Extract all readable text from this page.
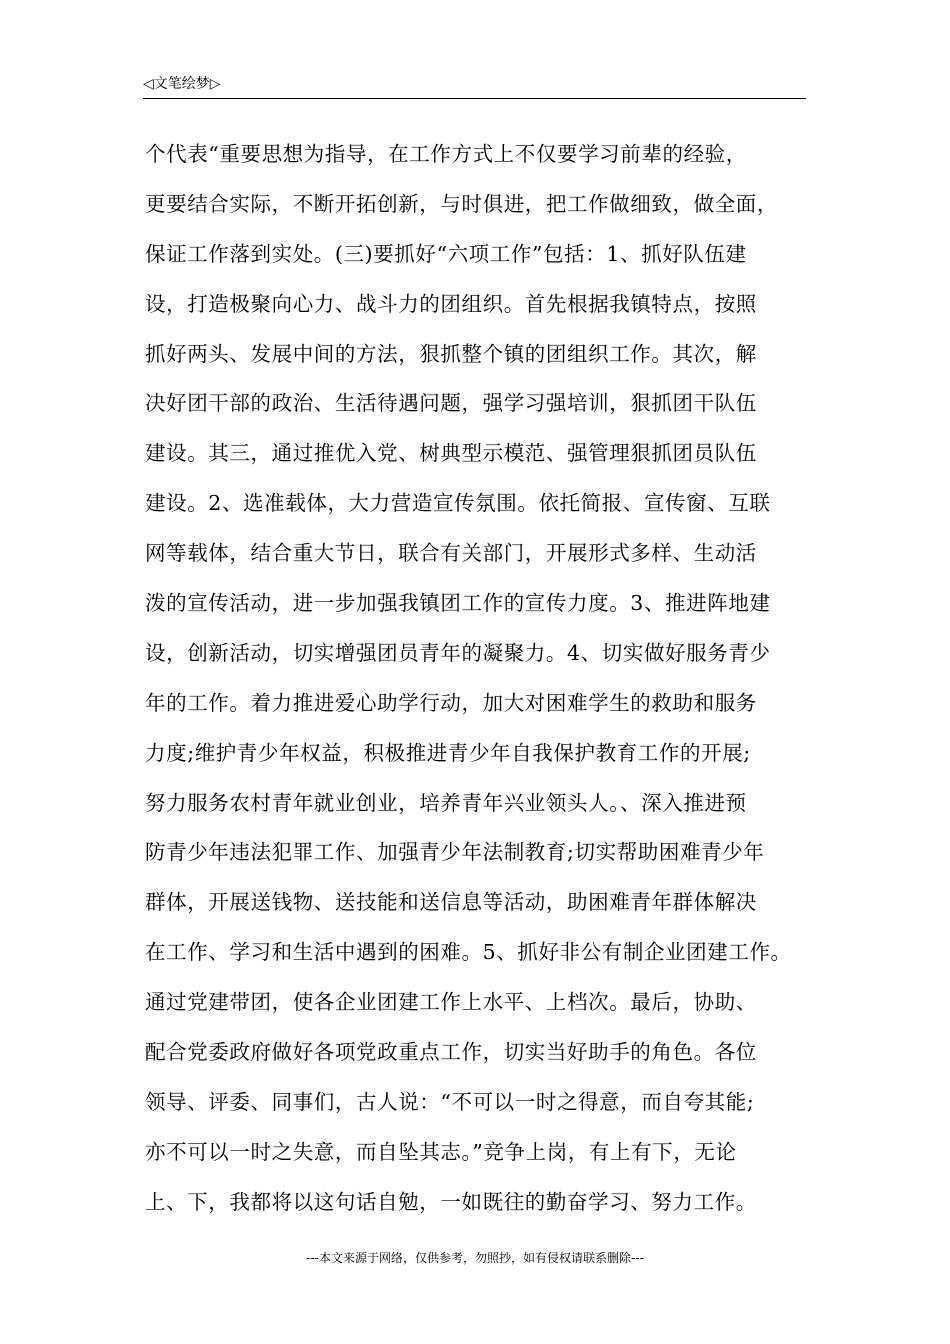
◁文笔绘梦▷
个代表“重要思想为指导，在工作方式上不仅要学习前辈的经验，
更要结合实际，不断开拓创新，与时俱进，把工作做细致，做全面，
保证工作落到实处。(三)要抓好“六项工作”包括：1、抓好队伍建
设，打造极聚向心力、战斗力的团组织。首先根据我镇特点，按照
抓好两头、发展中间的方法，狠抓整个镇的团组织工作。其次，解
决好团干部的政治、生活待遇问题，强学习强培训，狠抓团干队伍
建设。其三，通过推优入党、树典型示模范、强管理狠抓团员队伍
建设。2、选准载体，大力营造宣传氛围。依托简报、宣传窗、互联
网等载体，结合重大节日，联合有关部门，开展形式多样、生动活
泼的宣传活动，进一步加强我镇团工作的宣传力度。3、推进阵地建
设，创新活动，切实增强团员青年的凝聚力。4、切实做好服务青少
年的工作。着力推进爱心助学行动，加大对困难学生的救助和服务
力度;维护青少年权益，积极推进青少年自我保护教育工作的开展;
努力服务农村青年就业创业，培养青年兴业领头人。、深入推进预
防青少年违法犯罪工作、加强青少年法制教育;切实帮助困难青少年
群体，开展送钱物、送技能和送信息等活动，助困难青年群体解决
在工作、学习和生活中遇到的困难。5、抓好非公有制企业团建工作。
通过党建带团，使各企业团建工作上水平、上档次。最后，协助、
配合党委政府做好各项党政重点工作，切实当好助手的角色。各位
领导、评委、同事们，古人说：“不可以一时之得意，而自夸其能;
亦不可以一时之失意，而自坠其志。”竞争上岗，有上有下，无论
上、下，我都将以这句话自勉，一如既往的勤奋学习、努力工作。
---本文来源于网络，仅供参考，勿照抄，如有侵权请联系删除---
